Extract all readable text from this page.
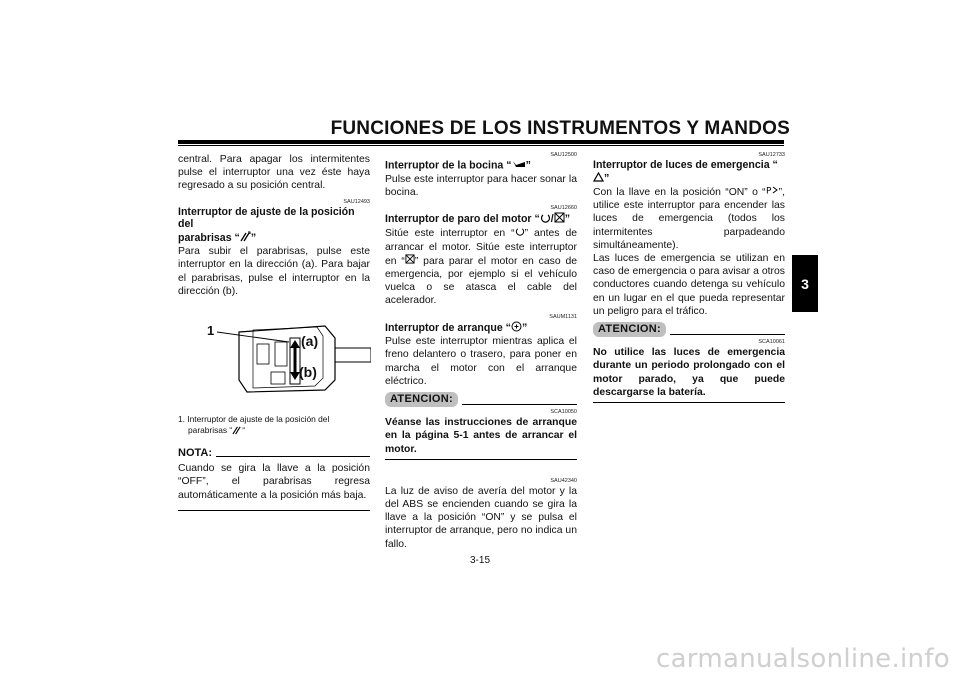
FUNCIONES DE LOS INSTRUMENTOS Y MANDOS
3

central. Para apagar los intermitentes pulse el interruptor una vez éste haya regresado a su posición central.

SAU12493
Interruptor de ajuste de la posición del
parabrisas “ ”

Para subir el parabrisas, pulse este interruptor en la dirección (a). Para bajar el parabrisas, pulse el interruptor en la dirección (b).

1
(a)
(b)
1. Interruptor de ajuste de la posición del
parabrisas “ ”
NOTA:

Cuando se gira la llave a la posición “OFF”, el parabrisas regresa automáticamente a la posición más baja.

SAU12500
Interruptor de la bocina “ ”

Pulse este interruptor para hacer sonar la bocina.

SAU12660
Interruptor de paro del motor “ / ”

Sitúe este interruptor en “ ” antes de arrancar el motor. Sitúe este interruptor en “ ” para parar el motor en caso de emergencia, por ejemplo si el vehículo vuelca o se atasca el cable del acelerador.

SAUM1131
Interruptor de arranque “ ”

Pulse este interruptor mientras aplica el freno delantero o trasero, para poner en marcha el motor con el arranque eléctrico.

ATENCION:
SCA10050

Véanse las instrucciones de arranque en la página 5-1 antes de arrancar el motor.

SAU42340

La luz de aviso de avería del motor y la del ABS se encienden cuando se gira la llave a la posición “ON” y se pulsa el interruptor de arranque, pero no indica un fallo.

SAU12733
Interruptor de luces de emergencia “”

Con la llave en la posición “ON” o “ P ”, utilice este interruptor para encender las luces de emergencia (todos los intermitentes parpadeando simultáneamente).

Las luces de emergencia se utilizan en caso de emergencia o para avisar a otros conductores cuando detenga su vehículo en un lugar en el que pueda representar un peligro para el tráfico.

ATENCION:
SCA10061

No utilice las luces de emergencia durante un periodo prolongado con el motor parado, ya que puede descargarse la batería.

3-15
carmanualsonline.info
